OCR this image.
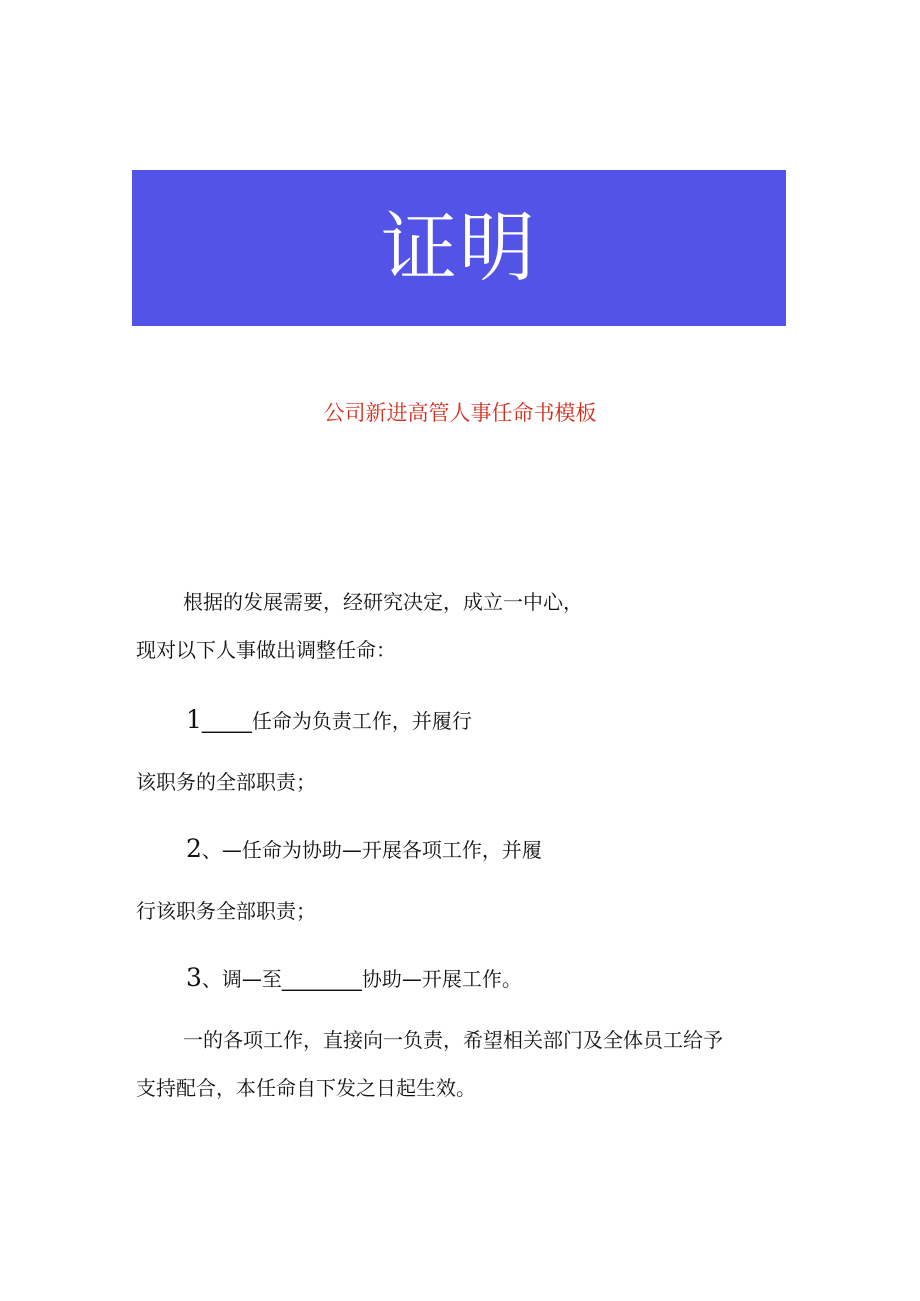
证明
公司新进高管人事任命书模板
根据的发展需要，经研究决定，成立一中心，
现对以下人事做出调整任命：
1_____任命为负责工作，并履行
该职务的全部职责；
2、—任命为协助—开展各项工作，并履
行该职务全部职责；
3、调—至________协助—开展工作。
一的各项工作，直接向一负责，希望相关部门及全体员工给予
支持配合，本任命自下发之日起生效。
